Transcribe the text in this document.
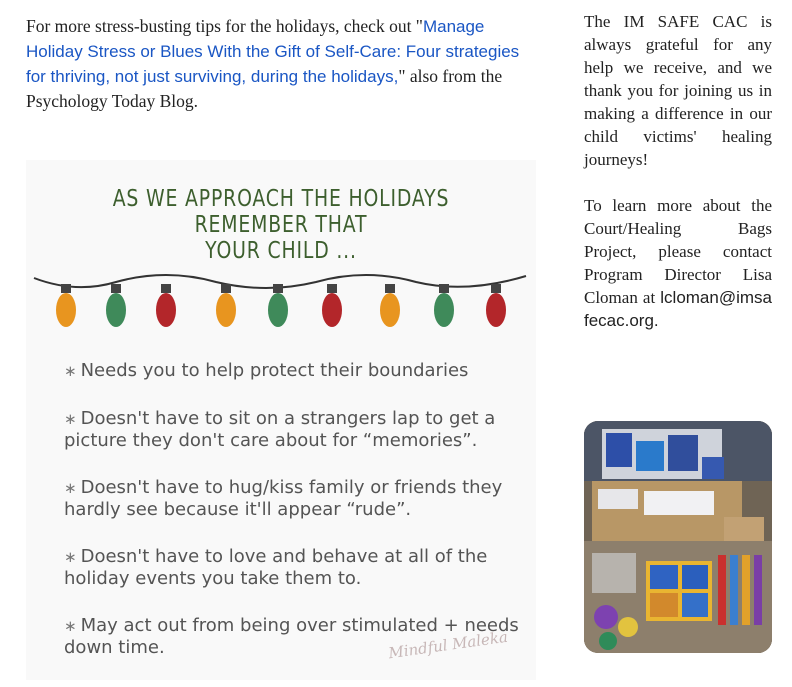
For more stress-busting tips for the holidays, check out "Manage Holiday Stress or Blues With the Gift of Self-Care: Four strategies for thriving, not just surviving, during the holidays," also from the Psychology Today Blog.
AS WE APPROACH THE HOLIDAYS REMEMBER THAT
YOUR CHILD ...
∗ Needs you to help protect their boundaries
∗ Doesn't have to sit on a strangers lap to get a picture they don't care about for “memories”.
∗ Doesn't have to hug/kiss family or friends they hardly see because it'll appear “rude”.
∗ Doesn't have to love and behave at all of the holiday events you take them to.
∗ May act out from being over stimulated + needs down time.	Mindful Maleka

The IM SAFE CAC is always grateful for any help we receive, and we thank you for joining us in making a difference in our child victims' healing journeys!

To learn more about the Court/Healing Bags Project, please contact Program Director Lisa Cloman at lcloman@imsafecac.org.
